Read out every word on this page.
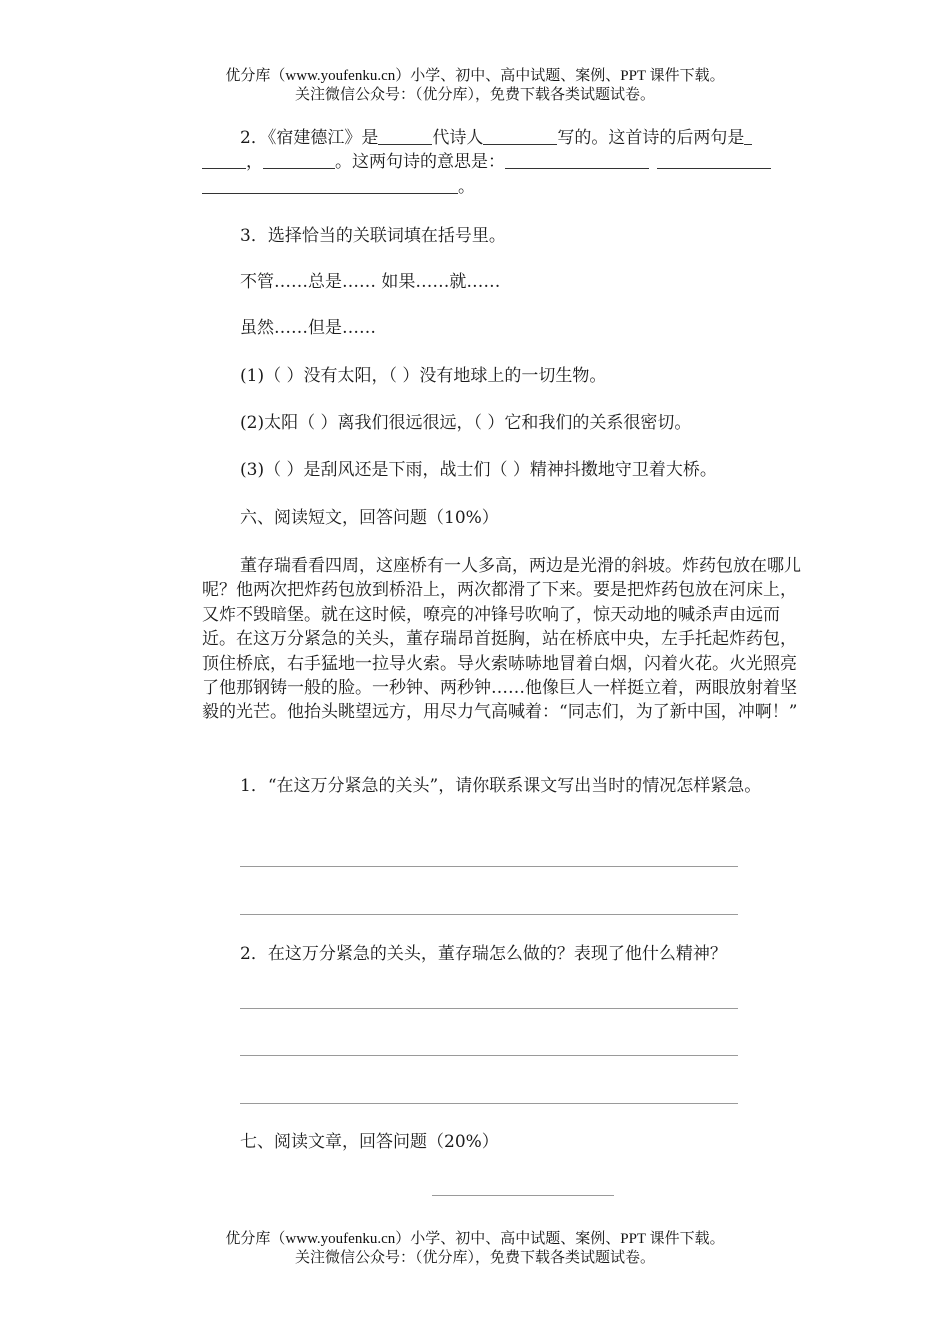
优分库（www.youfenku.cn）小学、初中、高中试题、案例、PPT 课件下载。
关注微信公众号：（优分库），免费下载各类试题试卷。
2．《宿建德江》是	代诗人	写的。这首诗的后两句是
，	。这两句诗的意思是：
。
3．选择恰当的关联词填在括号里。
不管……总是…… 如果……就……
虽然……但是……
(1)（ ）没有太阳，（ ）没有地球上的一切生物。
(2)太阳（ ）离我们很远很远，（ ）它和我们的关系很密切。
(3)（ ）是刮风还是下雨，战士们（ ）精神抖擞地守卫着大桥。
六、阅读短文，回答问题（10%）

董存瑞看看四周，这座桥有一人多高，两边是光滑的斜坡。炸药包放在哪儿呢？他两次把炸药包放到桥沿上，两次都滑了下来。要是把炸药包放在河床上，又炸不毁暗堡。就在这时候，嘹亮的冲锋号吹响了，惊天动地的喊杀声由远而近。在这万分紧急的关头，董存瑞昂首挺胸，站在桥底中央，左手托起炸药包，顶住桥底，右手猛地一拉导火索。导火索哧哧地冒着白烟，闪着火花。火光照亮了他那钢铸一般的脸。一秒钟、两秒钟……他像巨人一样挺立着，两眼放射着坚毅的光芒。他抬头眺望远方，用尽力气高喊着：“同志们，为了新中国，冲啊！”

1．“在这万分紧急的关头”，请你联系课文写出当时的情况怎样紧急。

2．在这万分紧急的关头，董存瑞怎么做的？表现了他什么精神？
七、阅读文章，回答问题（20%）
优分库（www.youfenku.cn）小学、初中、高中试题、案例、PPT 课件下载。
关注微信公众号：（优分库），免费下载各类试题试卷。
